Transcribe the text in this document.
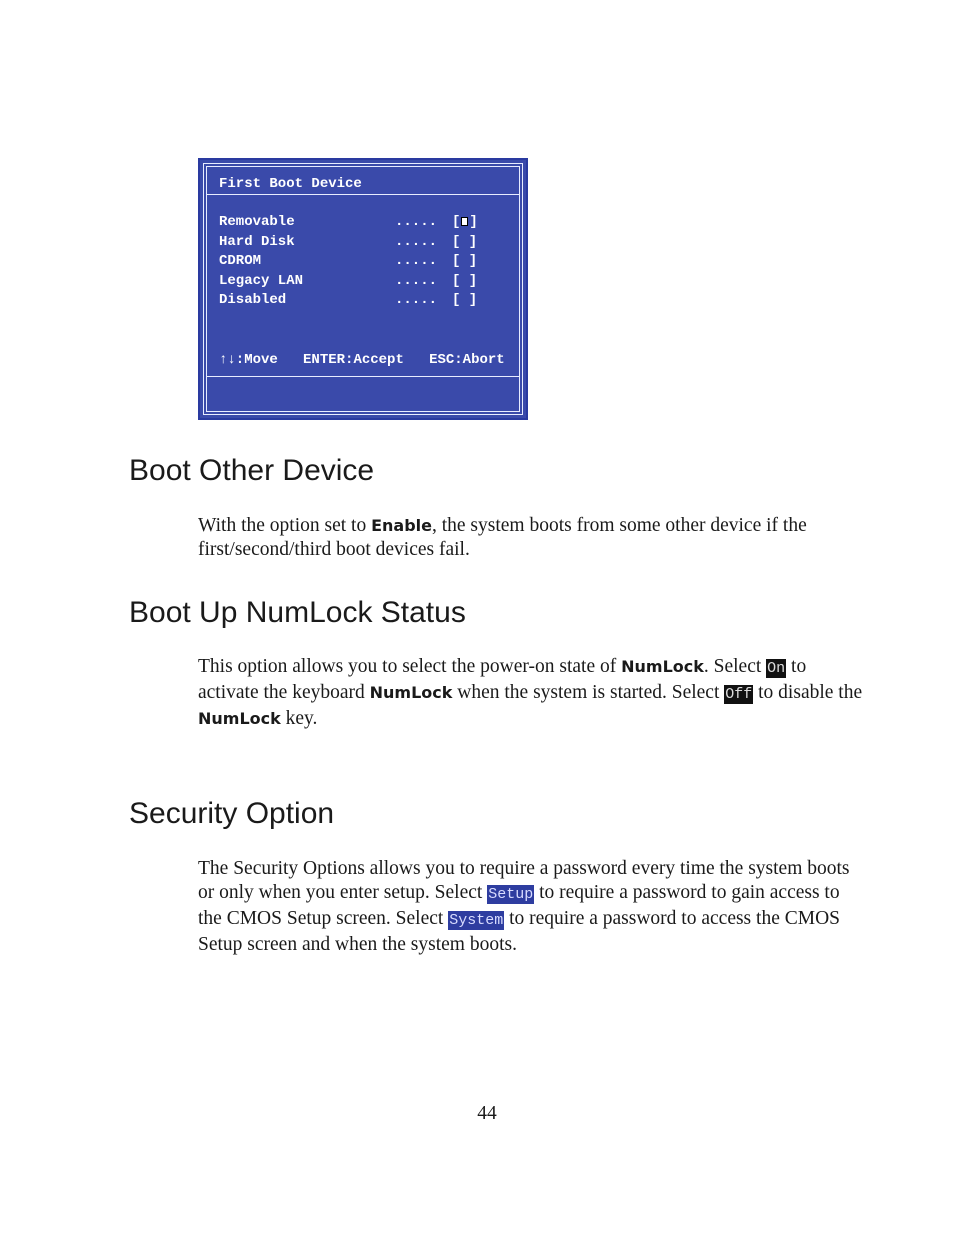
First Boot Device
Removable	..... [ ]
Hard Disk	..... [ ]
CDROM	..... [ ]
Legacy LAN	..... [ ]
Disabled	..... [ ]
↑↓:Move ENTER:Accept ESC:Abort
Boot Other Device

With the option set to Enable, the system boots from some other device if the first/second/third boot devices fail.

Boot Up NumLock Status

This option allows you to select the power-on state of NumLock. Select On to activate the keyboard NumLock when the system is started. Select Off to disable the NumLock key.

Security Option

The Security Options allows you to require a password every time the system boots or only when you enter setup. Select Setup to require a password to gain access to the CMOS Setup screen. Select System to require a password to access the CMOS Setup screen and when the system boots.

44
